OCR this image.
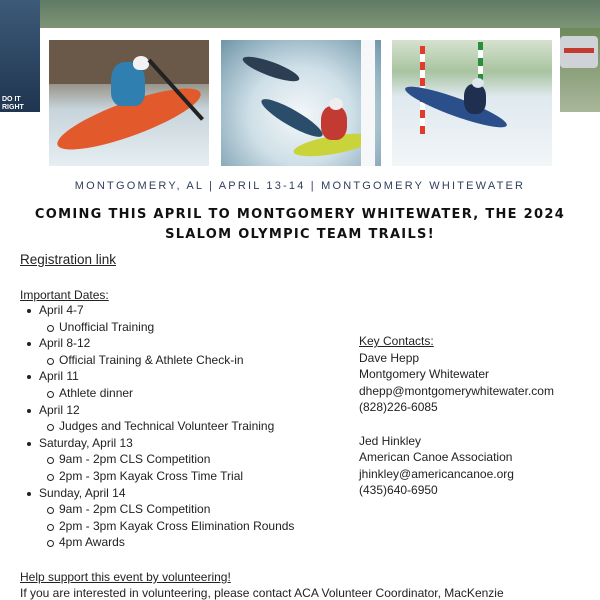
DO IT RIGHT
MONTGOMERY, AL | APRIL 13-14 | MONTGOMERY WHITEWATER
COMING THIS APRIL TO MONTGOMERY WHITEWATER, THE 2024
SLALOM OLYMPIC TEAM TRAILS!
Registration link
Important Dates:
April 4-7
Unofficial Training
April 8-12
Official Training & Athlete Check-in
April 11
Athlete dinner
April 12
Judges and Technical Volunteer Training
Saturday, April 13
9am - 2pm CLS Competition
2pm - 3pm Kayak Cross Time Trial
Sunday, April 14
9am - 2pm CLS Competition
2pm - 3pm Kayak Cross Elimination Rounds
4pm Awards
Key Contacts:
Dave Hepp
Montgomery Whitewater
dhepp@montgomerywhitewater.com
(828)226-6085
Jed Hinkley
American Canoe Association
jhinkley@americancanoe.org
(435)640-6950
Help support this event by volunteering!
If you are interested in volunteering, please contact ACA Volunteer Coordinator, MacKenzie
